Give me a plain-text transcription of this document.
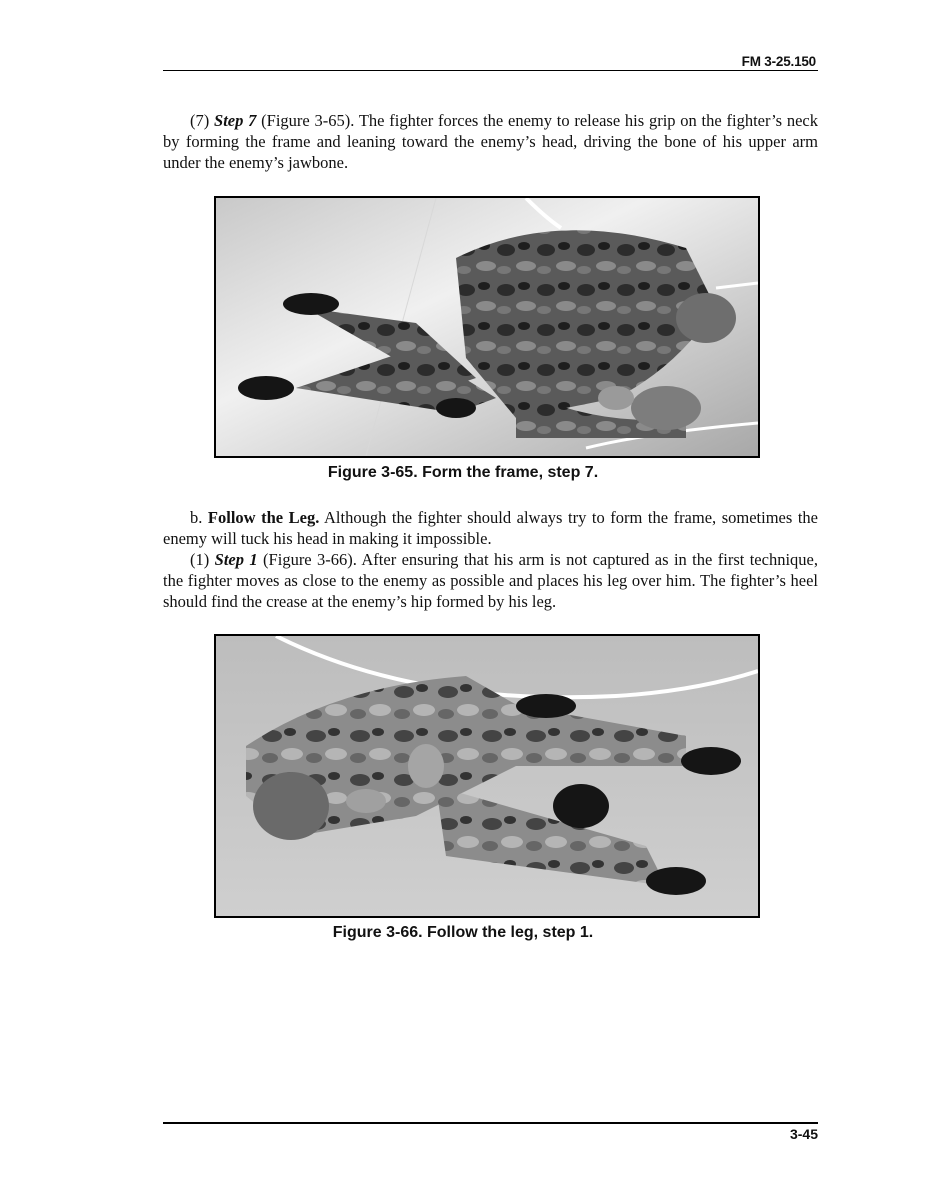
FM 3-25.150

(7) Step 7 (Figure 3-65). The fighter forces the enemy to release his grip on the fighter’s neck by forming the frame and leaning toward the enemy’s head, driving the bone of his upper arm under the enemy’s jawbone.

Figure 3-65. Form the frame, step 7.

b. Follow the Leg. Although the fighter should always try to form the frame, sometimes the enemy will tuck his head in making it impossible.

(1) Step 1 (Figure 3-66). After ensuring that his arm is not captured as in the first technique, the fighter moves as close to the enemy as possible and places his leg over him. The fighter’s heel should find the crease at the enemy’s hip formed by his leg.

Figure 3-66. Follow the leg, step 1.
3-45
